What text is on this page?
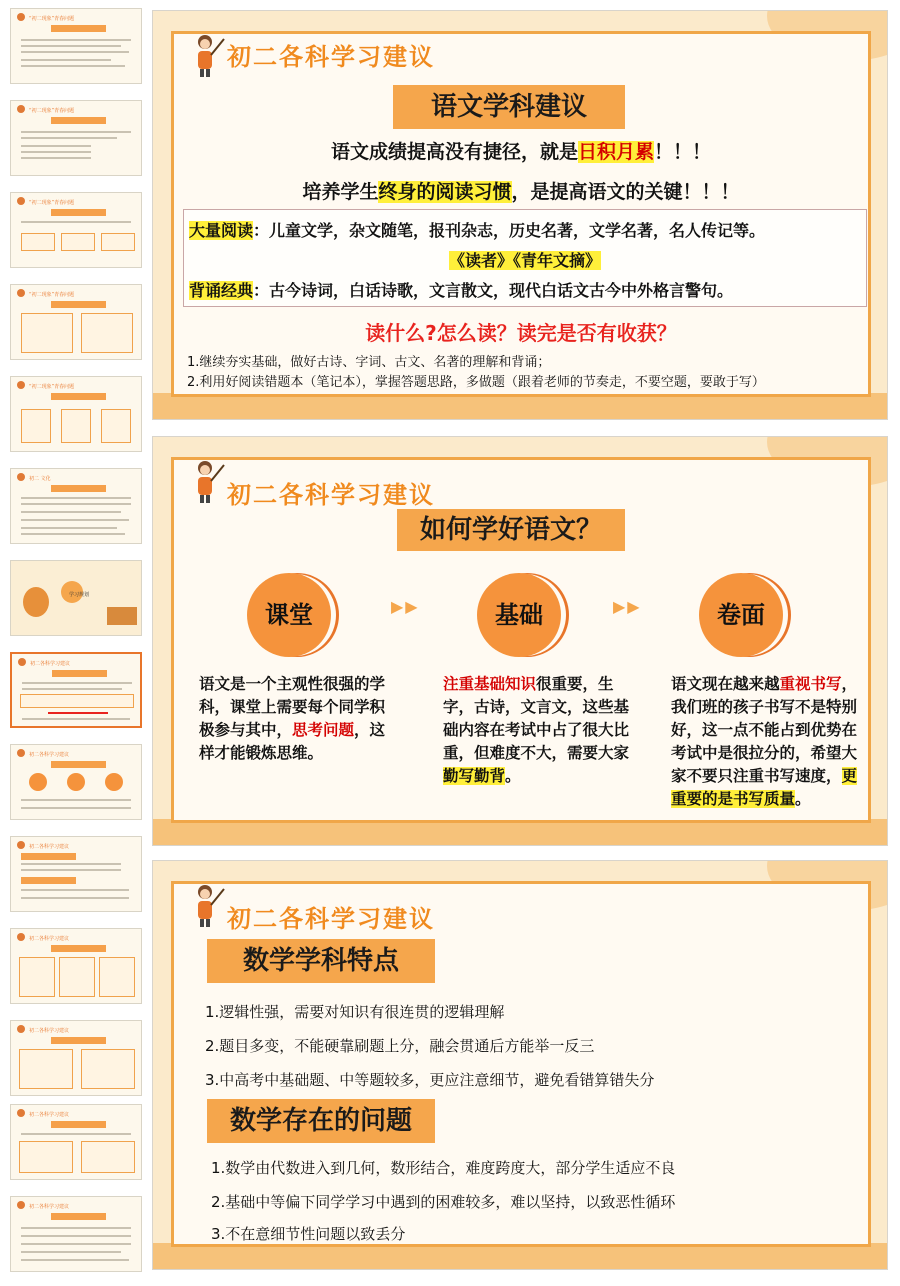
“初二现象”青春问题
“初二现象”青春问题
“初二现象”青春问题
“初二现象”青春问题
“初二现象”青春问题
初二 文化
学习规划
初二各科学习建议
初二各科学习建议
初二各科学习建议
初二各科学习建议
初二各科学习建议
初二各科学习建议
初二各科学习建议
初二各科学习建议
语文学科建议
语文成绩提高没有捷径，就是日积月累！！！
培养学生终身的阅读习惯，是提高语文的关键！！！
大量阅读：儿童文学，杂文随笔，报刊杂志，历史名著，文学名著，名人传记等。
《读者》《青年文摘》
背诵经典：古今诗词，白话诗歌，文言散文，现代白话文古今中外格言警句。
读什么?怎么读？读完是否有收获？
1.继续夯实基础，做好古诗、字词、古文、名著的理解和背诵；
2.利用好阅读错题本（笔记本），掌握答题思路，多做题（跟着老师的节奏走，不要空题，要敢于写）
初二各科学习建议
如何学好语文？
课堂	▶▶	基础	▶▶	卷面
语文是一个主观性很强的学科，课堂上需要每个同学积极参与其中，思考问题，这样才能锻炼思维。
注重基础知识很重要，生字，古诗，文言文，这些基础内容在考试中占了很大比重，但难度不大，需要大家勤写勤背。
语文现在越来越重视书写，我们班的孩子书写不是特别好，这一点不能占到优势在考试中是很拉分的，希望大家不要只注重书写速度，更重要的是书写质量。
初二各科学习建议
数学学科特点
1.逻辑性强，需要对知识有很连贯的逻辑理解
2.题目多变，不能硬靠刷题上分，融会贯通后方能举一反三
3.中高考中基础题、中等题较多，更应注意细节，避免看错算错失分
数学存在的问题
1.数学由代数进入到几何，数形结合，难度跨度大，部分学生适应不良
2.基础中等偏下同学学习中遇到的困难较多，难以坚持，以致恶性循环
3.不在意细节性问题以致丢分
